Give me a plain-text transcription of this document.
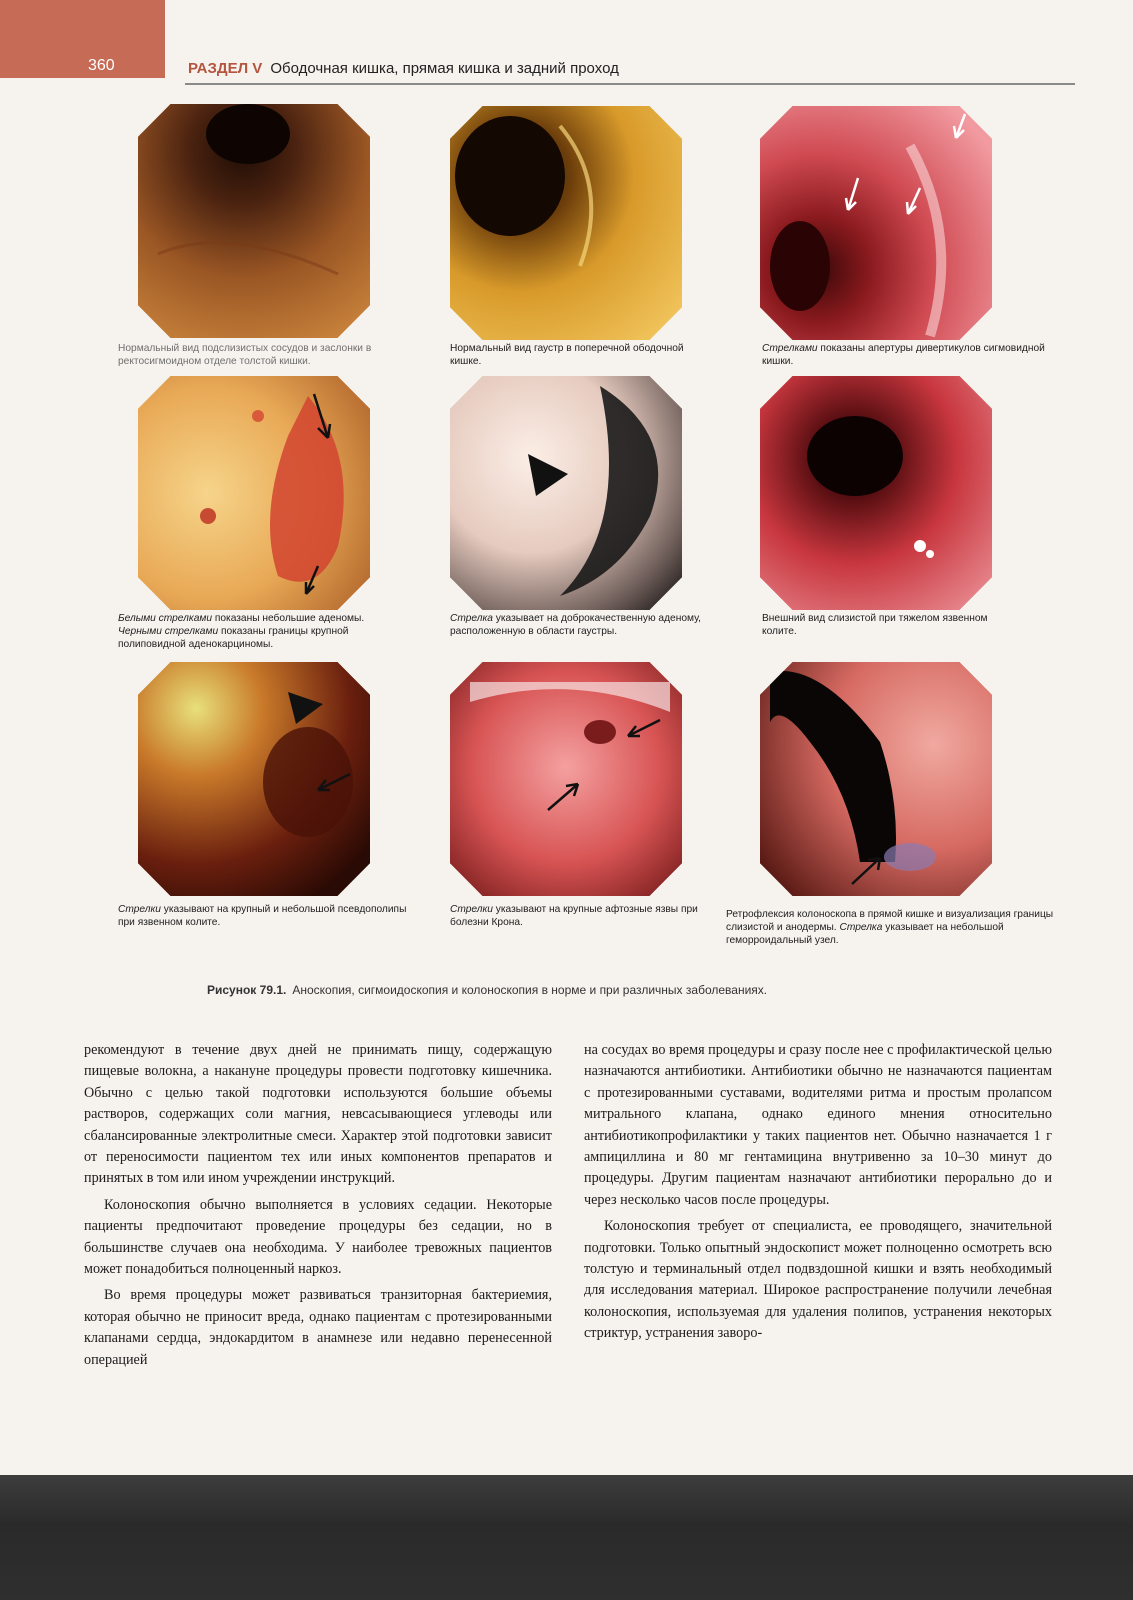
360	РАЗДЕЛ V Ободочная кишка, прямая кишка и задний проход
Нормальный вид подслизистых сосудов и заслонки в ректосигмоидном отделе толстой кишки.
Нормальный вид гаустр в поперечной ободочной кишке.
Стрелками показаны апертуры дивертикулов сигмовидной кишки.
Белыми стрелками показаны небольшие аденомы.
Черными стрелками показаны границы крупной полиповидной аденокарциномы.
Стрелка указывает на доброкачественную аденому, расположенную в области гаустры.
Внешний вид слизистой при тяжелом язвенном колите.
Стрелки указывают на крупный и небольшой псевдополипы при язвенном колите.
Стрелки указывают на крупные афтозные язвы при болезни Крона.
Ретрофлексия колоноскопа в прямой кишке и визуализация границы слизистой и анодермы. Стрелка указывает на небольшой геморроидальный узел.
Рисунок 79.1. Аноскопия, сигмоидоскопия и колоноскопия в норме и при различных заболеваниях.

рекомендуют в течение двух дней не принимать пищу, содержащую пищевые волокна, а накануне процедуры провести подготовку кишечника. Обычно с целью такой подготовки используются большие объемы растворов, содержащих соли магния, невсасывающиеся углеводы или сбалансированные электролитные смеси. Характер этой подготовки зависит от переносимости пациентом тех или иных компонентов препаратов и принятых в том или ином учреждении инструкций.

Колоноскопия обычно выполняется в условиях седации. Некоторые пациенты предпочитают проведение процедуры без седации, но в большинстве случаев она необходима. У наиболее тревожных пациентов может понадобиться полноценный наркоз.

Во время процедуры может развиваться транзиторная бактериемия, которая обычно не приносит вреда, однако пациентам с протезированными клапанами сердца, эндокардитом в анамнезе или недавно перенесенной операцией

на сосудах во время процедуры и сразу после нее с профилактической целью назначаются антибиотики. Антибиотики обычно не назначаются пациентам с протезированными суставами, водителями ритма и простым пролапсом митрального клапана, однако единого мнения относительно антибиотикопрофилактики у таких пациентов нет. Обычно назначается 1 г ампициллина и 80 мг гентамицина внутривенно за 10–30 минут до процедуры. Другим пациентам назначают антибиотики перорально до и через несколько часов после процедуры.

Колоноскопия требует от специалиста, ее проводящего, значительной подготовки. Только опытный эндоскопист может полноценно осмотреть всю толстую и терминальный отдел подвздошной кишки и взять необходимый для исследования материал. Широкое распространение получили лечебная колоноскопия, используемая для удаления полипов, устранения некоторых стриктур, устранения заворо-
